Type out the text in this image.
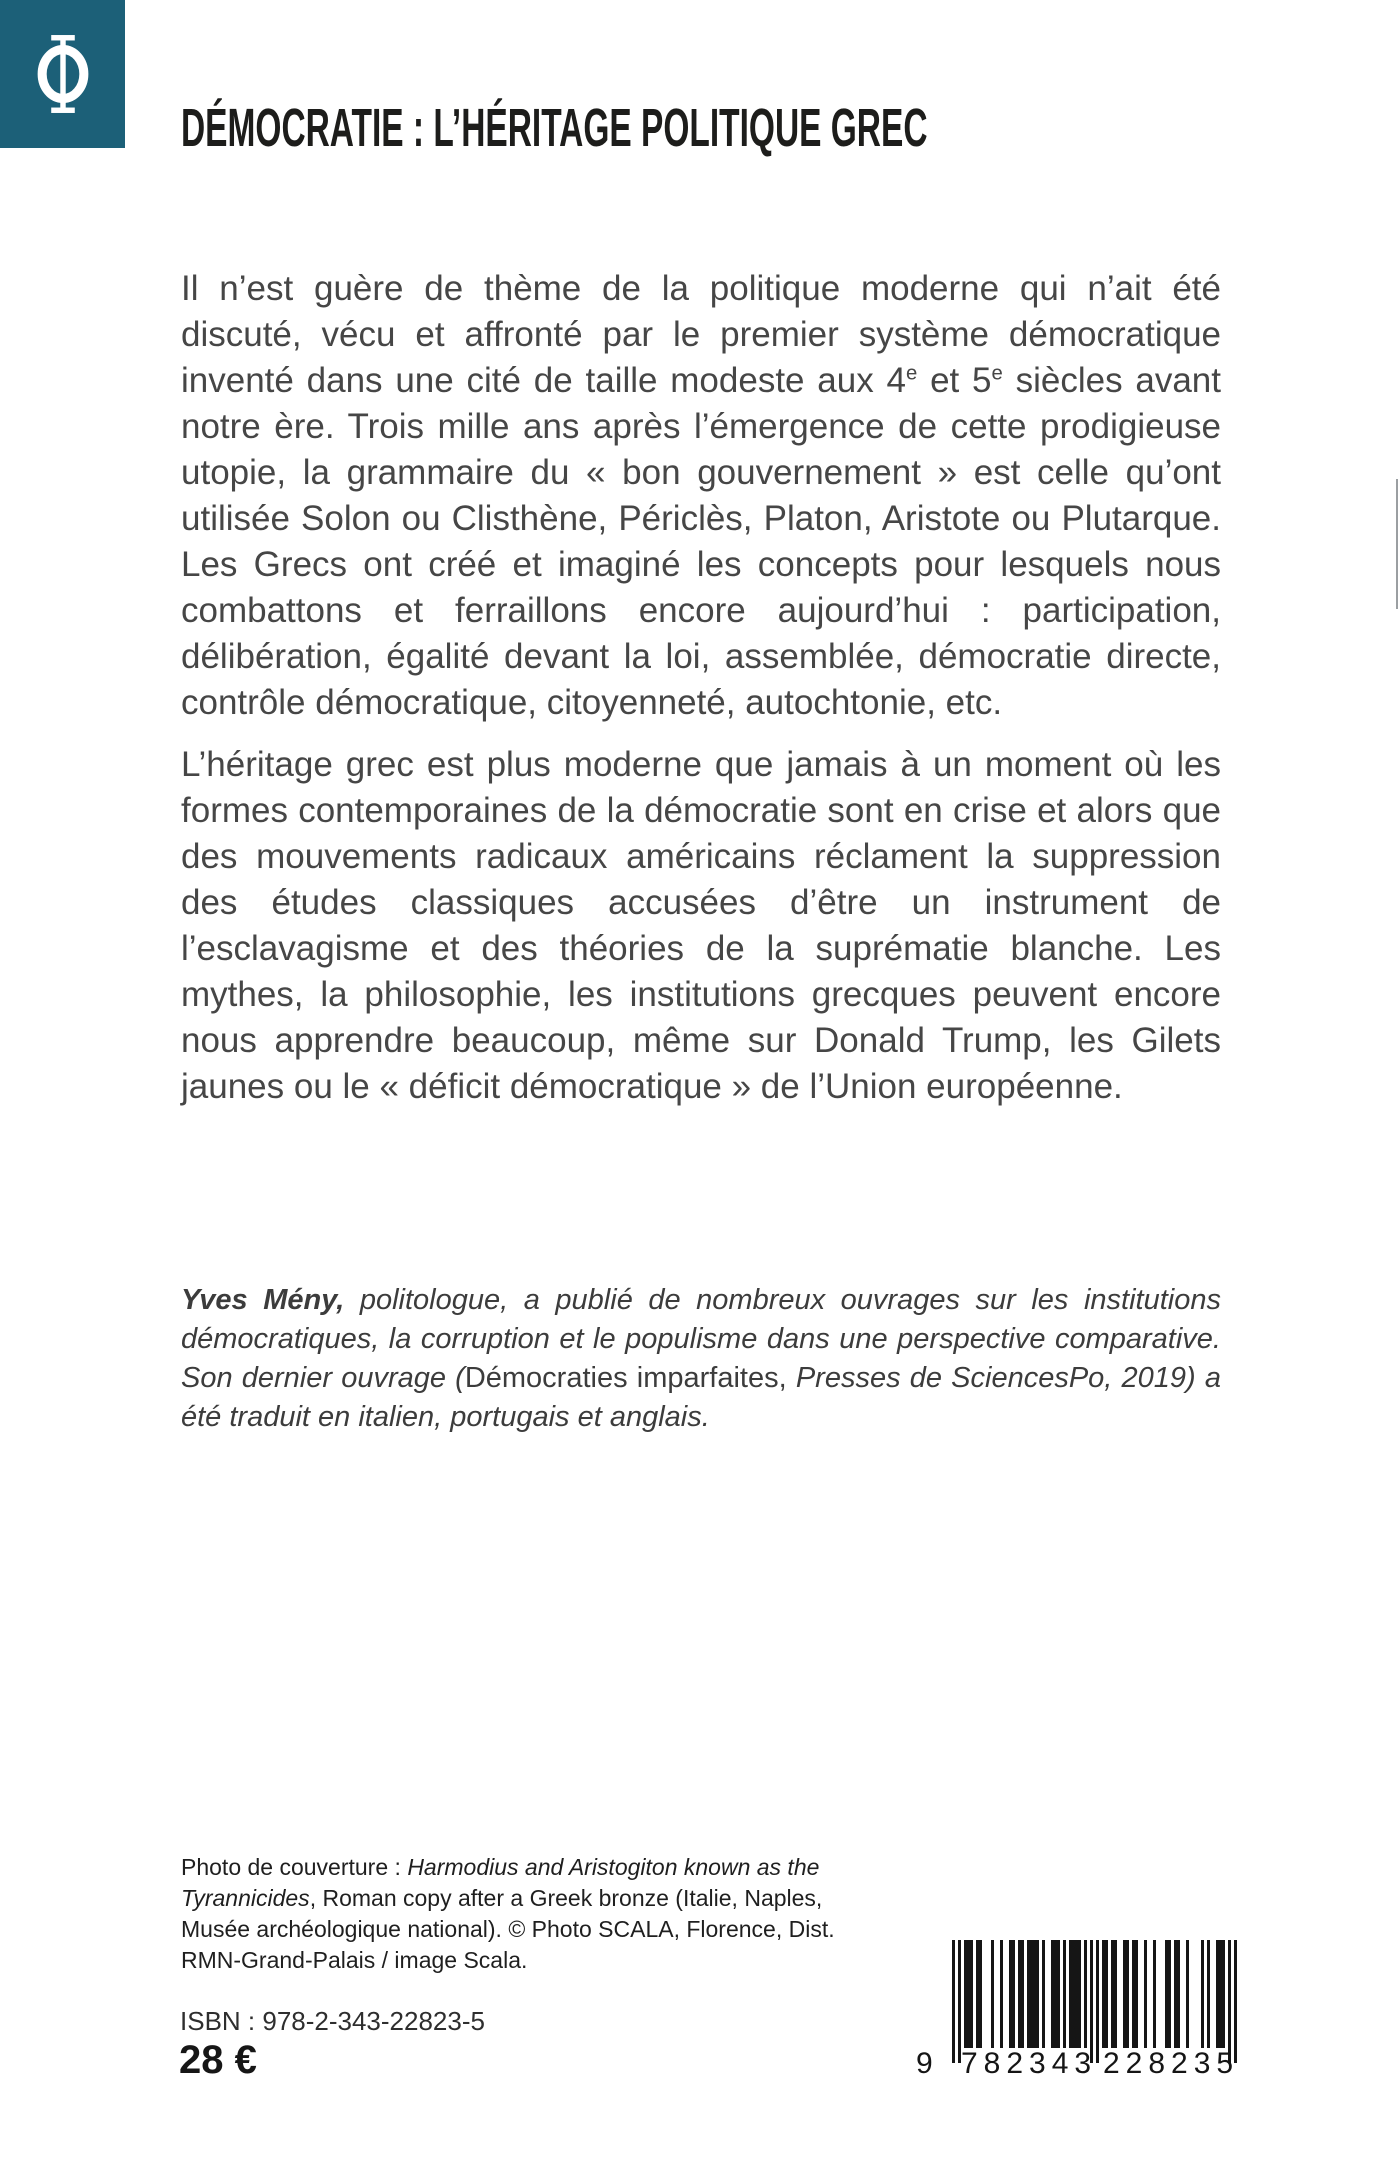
DÉMOCRATIE : L’HÉRITAGE POLITIQUE GREC

Il n’est guère de thème de la politique moderne qui n’ait été discuté, vécu et affronté par le premier système démocratique inventé dans une cité de taille modeste aux 4e et 5e siècles avant notre ère. Trois mille ans après l’émergence de cette prodigieuse utopie, la grammaire du « bon gouvernement » est celle qu’ont utilisée Solon ou Clisthène, Périclès, Platon, Aristote ou Plutarque. Les Grecs ont créé et imaginé les concepts pour lesquels nous combattons et ferraillons encore aujourd’hui : participation, délibération, égalité devant la loi, assemblée, démocratie directe, contrôle démocratique, citoyenneté, autochtonie, etc.

L’héritage grec est plus moderne que jamais à un moment où les formes contemporaines de la démocratie sont en crise et alors que des mouvements radicaux américains réclament la suppression des études classiques accusées d’être un instrument de l’esclavagisme et des théories de la suprématie blanche. Les mythes, la philosophie, les institutions grecques peuvent encore nous apprendre beaucoup, même sur Donald Trump, les Gilets jaunes ou le « déficit démocratique » de l’Union européenne.

Yves Mény, politologue, a publié de nombreux ouvrages sur les institutions démocratiques, la corruption et le populisme dans une perspective comparative. Son dernier ouvrage (Démocraties imparfaites, Presses de SciencesPo, 2019) a été traduit en italien, portugais et anglais.

Photo de couverture : Harmodius and Aristogiton known as the Tyrannicides, Roman copy after a Greek bronze (Italie, Naples, Musée archéologique national). © Photo SCALA, Florence, Dist. RMN-Grand-Palais / image Scala.

ISBN : 978-2-343-22823-5
28 €	9 782343 228235
